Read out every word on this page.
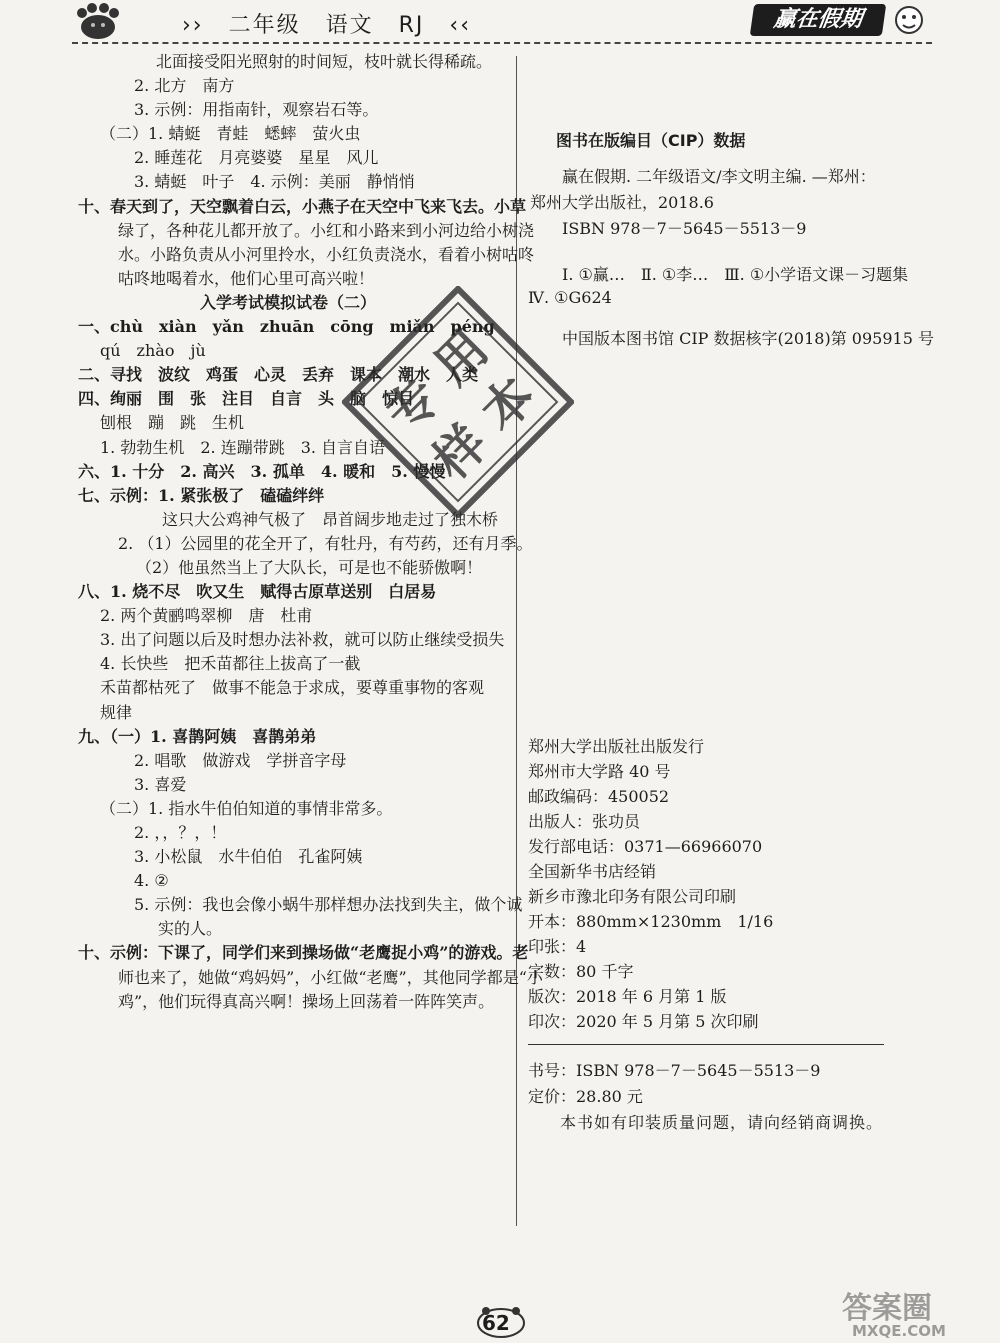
›› 二年级 语文 RJ ‹‹	赢在假期
北面接受阳光照射的时间短，枝叶就长得稀疏。
2. 北方　南方
3. 示例：用指南针，观察岩石等。
（二）1. 蜻蜓　青蛙　蟋蟀　萤火虫
2. 睡莲花　月亮婆婆　星星　风儿
3. 蜻蜓　叶子　4. 示例：美丽　静悄悄
十、春天到了，天空飘着白云，小燕子在天空中飞来飞去。小草
绿了，各种花儿都开放了。小红和小路来到小河边给小树浇
水。小路负责从小河里拎水，小红负责浇水，看着小树咕咚
咕咚地喝着水，他们心里可高兴啦！
入学考试模拟试卷（二）
一、chù　xiàn　yǎn　zhuān　cōng　miǎn　péng
qú　zhào　jù
二、寻找　波纹　鸡蛋　心灵　丢弃　课本　潮水　人类
四、绚丽　围　张　注目　自言　头　脑　惊目
刨根　蹦　跳　生机
1. 勃勃生机　2. 连蹦带跳　3. 自言自语
六、1. 十分　2. 高兴　3. 孤单　4. 暖和　5. 慢慢
七、示例：1. 紧张极了　磕磕绊绊
这只大公鸡神气极了　昂首阔步地走过了独木桥
2. （1）公园里的花全开了，有牡丹，有芍药，还有月季。
（2）他虽然当上了大队长，可是也不能骄傲啊！
八、1. 烧不尽　吹又生　赋得古原草送别　白居易
2. 两个黄鹂鸣翠柳　唐　杜甫
3. 出了问题以后及时想办法补救，就可以防止继续受损失
4. 长快些　把禾苗都往上拔高了一截
禾苗都枯死了　做事不能急于求成，要尊重事物的客观
规律
九、（一）1. 喜鹊阿姨　喜鹊弟弟
2. 唱歌　做游戏　学拼音字母
3. 喜爱
（二）1. 指水牛伯伯知道的事情非常多。
2. ，，？，！
3. 小松鼠　水牛伯伯　孔雀阿姨
4. ②
5. 示例：我也会像小蜗牛那样想办法找到失主，做个诚
实的人。
十、示例：下课了，同学们来到操场做“老鹰捉小鸡”的游戏。老
师也来了，她做“鸡妈妈”，小红做“老鹰”，其他同学都是“小
鸡”，他们玩得真高兴啊！操场上回荡着一阵阵笑声。
图书在版编目（CIP）数据
赢在假期. 二年级语文/李文明主编. —郑州：
郑州大学出版社，2018.6
ISBN 978－7－5645－5513－9
Ⅰ. ①赢…　Ⅱ. ①李…　Ⅲ. ①小学语文课－习题集
Ⅳ. ①G624
中国版本图书馆 CIP 数据核字(2018)第 095915 号
郑州大学出版社出版发行
郑州市大学路 40 号
邮政编码：450052
出版人：张功员
发行部电话：0371—66966070
全国新华书店经销
新乡市豫北印务有限公司印刷
开本：880mm×1230mm　1/16
印张：4
字数：80 千字
版次：2018 年 6 月第 1 版
印次：2020 年 5 月第 5 次印刷
书号：ISBN 978－7－5645－5513－9
定价：28.80 元
本书如有印装质量问题，请向经销商调换。
专
用
样
本
62	答案圈
MXQE.COM
